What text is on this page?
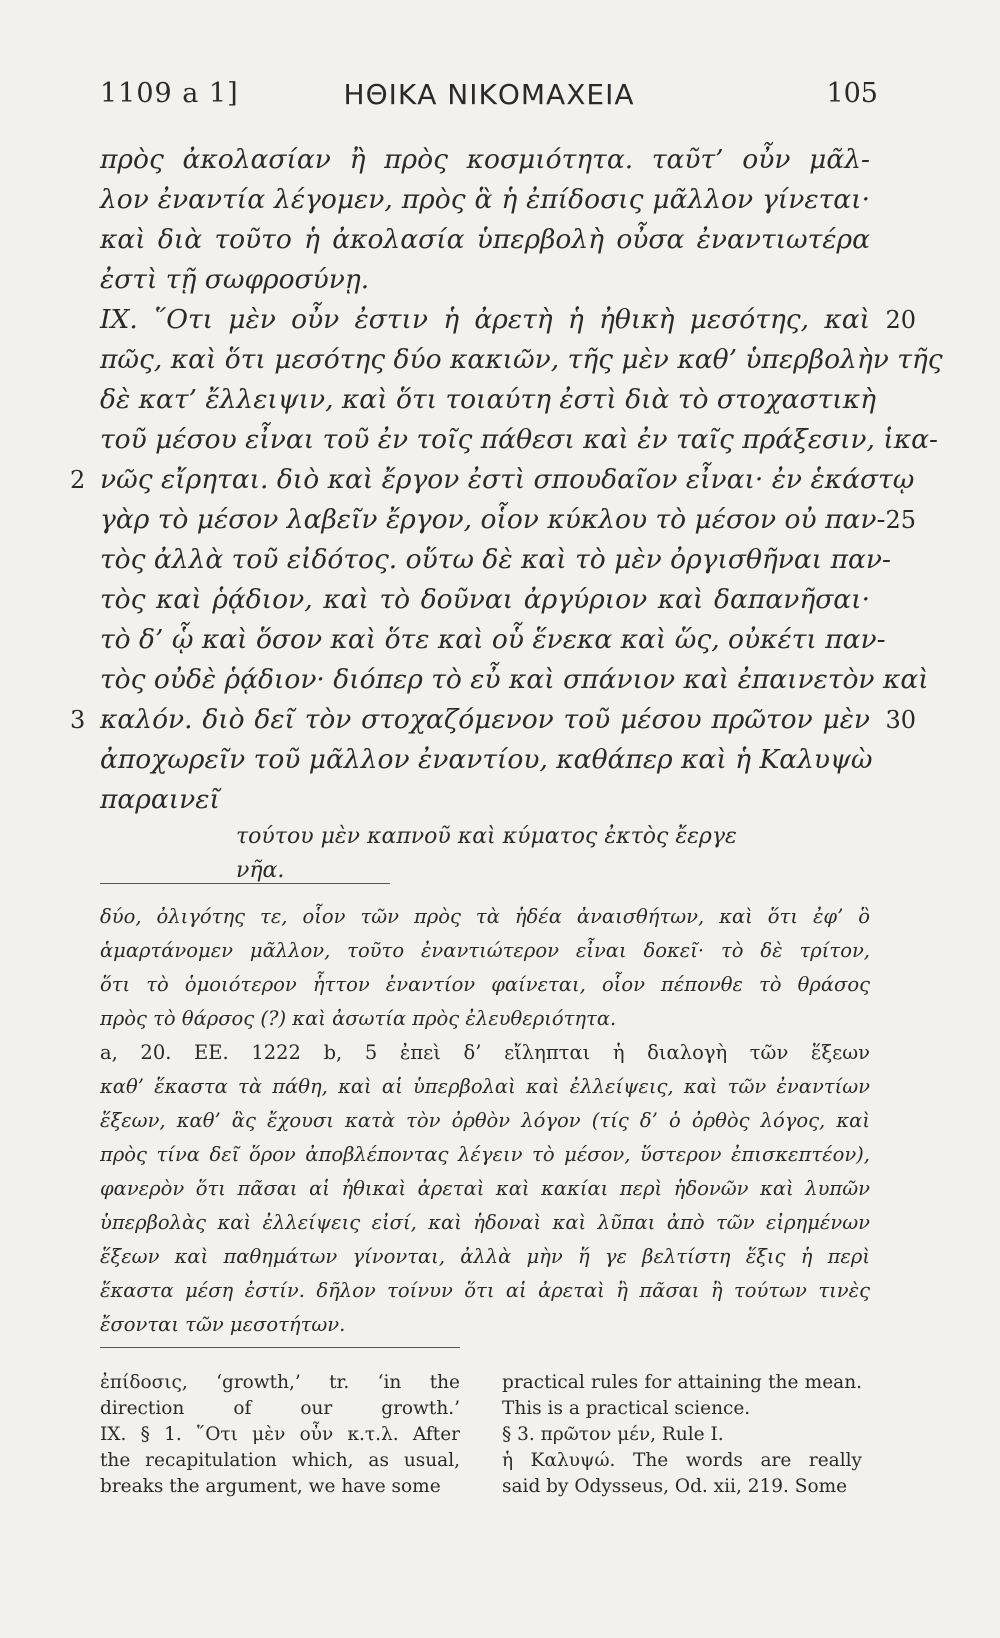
1109 a 1]	ΗΘΙΚΑ ΝΙΚΟΜΑΧΕΙΑ	105
πρὸς ἀκολασίαν ἢ πρὸς κοσμιότητα. ταῦτ’ οὖν μᾶλ-
λον ἐναντία λέγομεν, πρὸς ἃ ἡ ἐπίδοσις μᾶλλον γίνεται·
καὶ διὰ τοῦτο ἡ ἀκολασία ὑπερβολὴ οὖσα ἐναντιωτέρα
ἐστὶ τῇ σωφροσύνῃ.
IX. ῞Οτι μὲν οὖν ἐστιν ἡ ἀρετὴ ἡ ἠθικὴ μεσότης, καὶ 20
πῶς, καὶ ὅτι μεσότης δύο κακιῶν, τῆς μὲν καθ’ ὑπερβολὴν τῆς
δὲ κατ’ ἔλλειψιν, καὶ ὅτι τοιαύτη ἐστὶ διὰ τὸ στοχαστικὴ
τοῦ μέσου εἶναι τοῦ ἐν τοῖς πάθεσι καὶ ἐν ταῖς πράξεσιν, ἱκα-
νῶς εἴρηται. διὸ καὶ ἔργον ἐστὶ σπουδαῖον εἶναι· ἐν ἑκάστῳ
2
γὰρ τὸ μέσον λαβεῖν ἔργον, οἷον κύκλου τὸ μέσον οὐ παν- 25
τὸς ἀλλὰ τοῦ εἰδότος. οὕτω δὲ καὶ τὸ μὲν ὀργισθῆναι παν-
τὸς καὶ ῥᾴδιον, καὶ τὸ δοῦναι ἀργύριον καὶ δαπανῆσαι·
τὸ δ’ ᾧ καὶ ὅσον καὶ ὅτε καὶ οὗ ἕνεκα καὶ ὥς, οὐκέτι παν-
τὸς οὐδὲ ῥᾴδιον· διόπερ τὸ εὖ καὶ σπάνιον καὶ ἐπαινετὸν καὶ
καλόν. διὸ δεῖ τὸν στοχαζόμενον τοῦ μέσου πρῶτον μὲν 30
3
ἀποχωρεῖν τοῦ μᾶλλον ἐναντίου, καθάπερ καὶ ἡ Καλυψὼ
παραινεῖ
τούτου μὲν καπνοῦ καὶ κύματος ἐκτὸς ἔεργε
νῆα.
δύο, ὀλιγότης τε, οἷον τῶν πρὸς τὰ ἡδέα ἀναισθήτων, καὶ ὅτι ἐφ’ ὃ
ἁμαρτάνομεν μᾶλλον, τοῦτο ἐναντιώτερον εἶναι δοκεῖ· τὸ δὲ τρίτον,
ὅτι τὸ ὁμοιότερον ἧττον ἐναντίον φαίνεται, οἷον πέπονθε τὸ θράσος
πρὸς τὸ θάρσος (?) καὶ ἀσωτία πρὸς ἐλευθεριότητα.
a, 20. EE. 1222 b, 5 ἐπεὶ δ’ εἴληπται ἡ διαλογὴ τῶν ἕξεων
καθ’ ἕκαστα τὰ πάθη, καὶ αἱ ὑπερβολαὶ καὶ ἐλλείψεις, καὶ τῶν ἐναντίων
ἕξεων, καθ’ ἃς ἔχουσι κατὰ τὸν ὀρθὸν λόγον (τίς δ’ ὁ ὀρθὸς λόγος, καὶ
πρὸς τίνα δεῖ ὅρον ἀποβλέποντας λέγειν τὸ μέσον, ὕστερον ἐπισκεπτέον),
φανερὸν ὅτι πᾶσαι αἱ ἠθικαὶ ἀρεταὶ καὶ κακίαι περὶ ἡδονῶν καὶ λυπῶν
ὑπερβολὰς καὶ ἐλλείψεις εἰσί, καὶ ἡδοναὶ καὶ λῦπαι ἀπὸ τῶν εἰρημένων
ἕξεων καὶ παθημάτων γίνονται, ἀλλὰ μὴν ἥ γε βελτίστη ἕξις ἡ περὶ
ἕκαστα μέση ἐστίν. δῆλον τοίνυν ὅτι αἱ ἀρεταὶ ἢ πᾶσαι ἢ τούτων τινὲς
ἔσονται τῶν μεσοτήτων.
ἐπίδοσις, ‘growth,’ tr. ‘in the
direction of our growth.’
IX. § 1. ῞Οτι μὲν οὖν κ.τ.λ. After
the recapitulation which, as usual,
breaks the argument, we have some
practical rules for attaining the mean.
This is a practical science.
§ 3. πρῶτον μέν, Rule I.
ἡ Καλυψώ. The words are really
said by Odysseus, Od. xii, 219. Some
